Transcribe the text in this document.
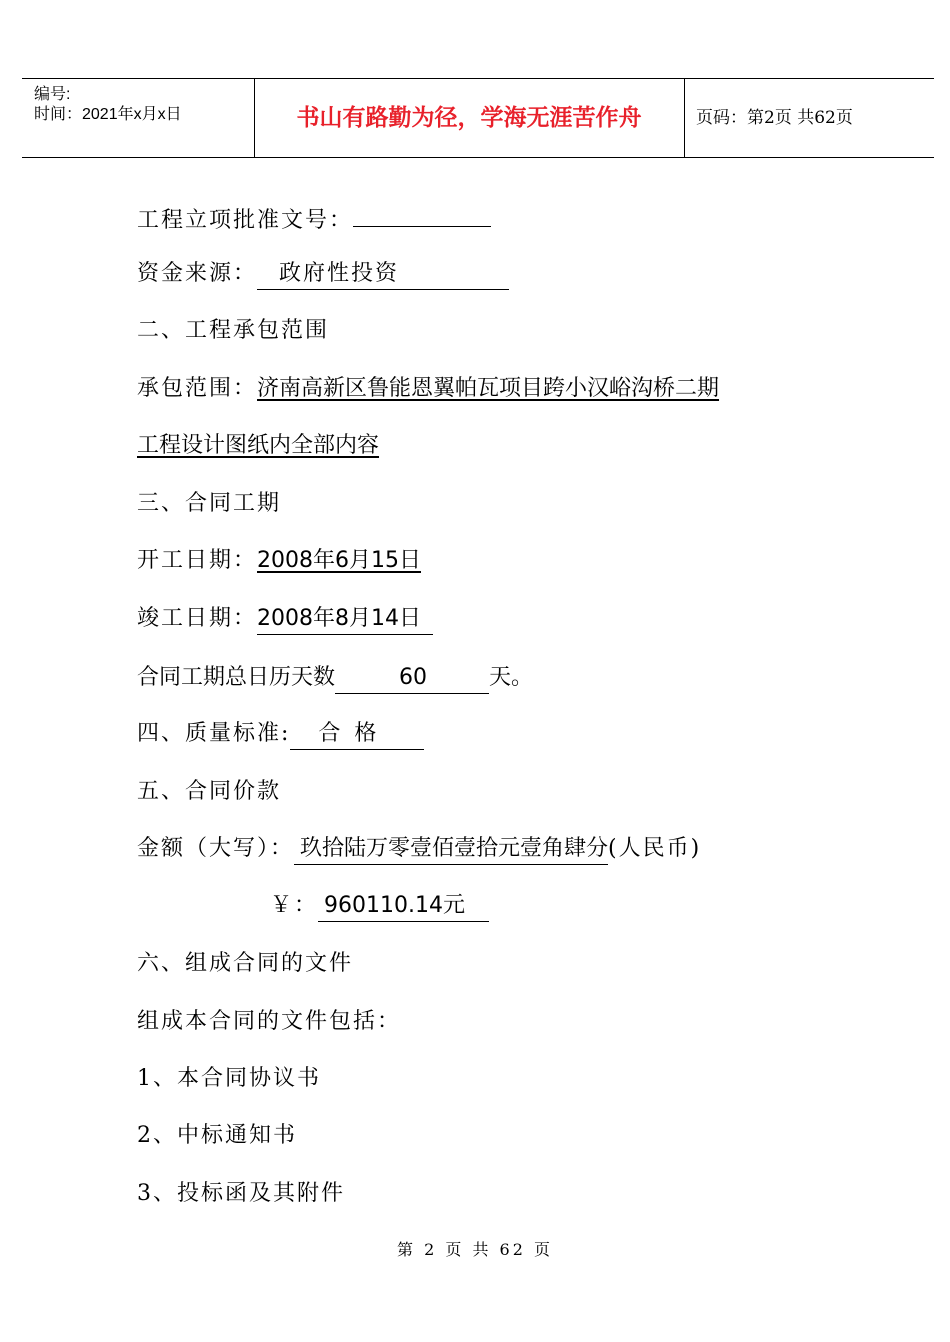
编号:
时间：2021年x月x日	书山有路勤为径，学海无涯苦作舟	页码：第2页 共62页
工程立项批准文号：
资金来源： 政府性投资
二、工程承包范围
承包范围：济南高新区鲁能恩翼帕瓦项目跨小汉峪沟桥二期
工程设计图纸内全部内容
三、合同工期
开工日期：2008年6月15日
竣工日期：2008年8月14日
合同工期总日历天数	60	天。
四、质量标准: 合  格
五、合同价款
金额（大写）： 玖拾陆万零壹佰壹拾元壹角肆分(人民币)
￥： 960110.14元
六、组成合同的文件
组成本合同的文件包括：
1、本合同协议书
2、中标通知书
3、投标函及其附件
第 2 页 共 62 页
